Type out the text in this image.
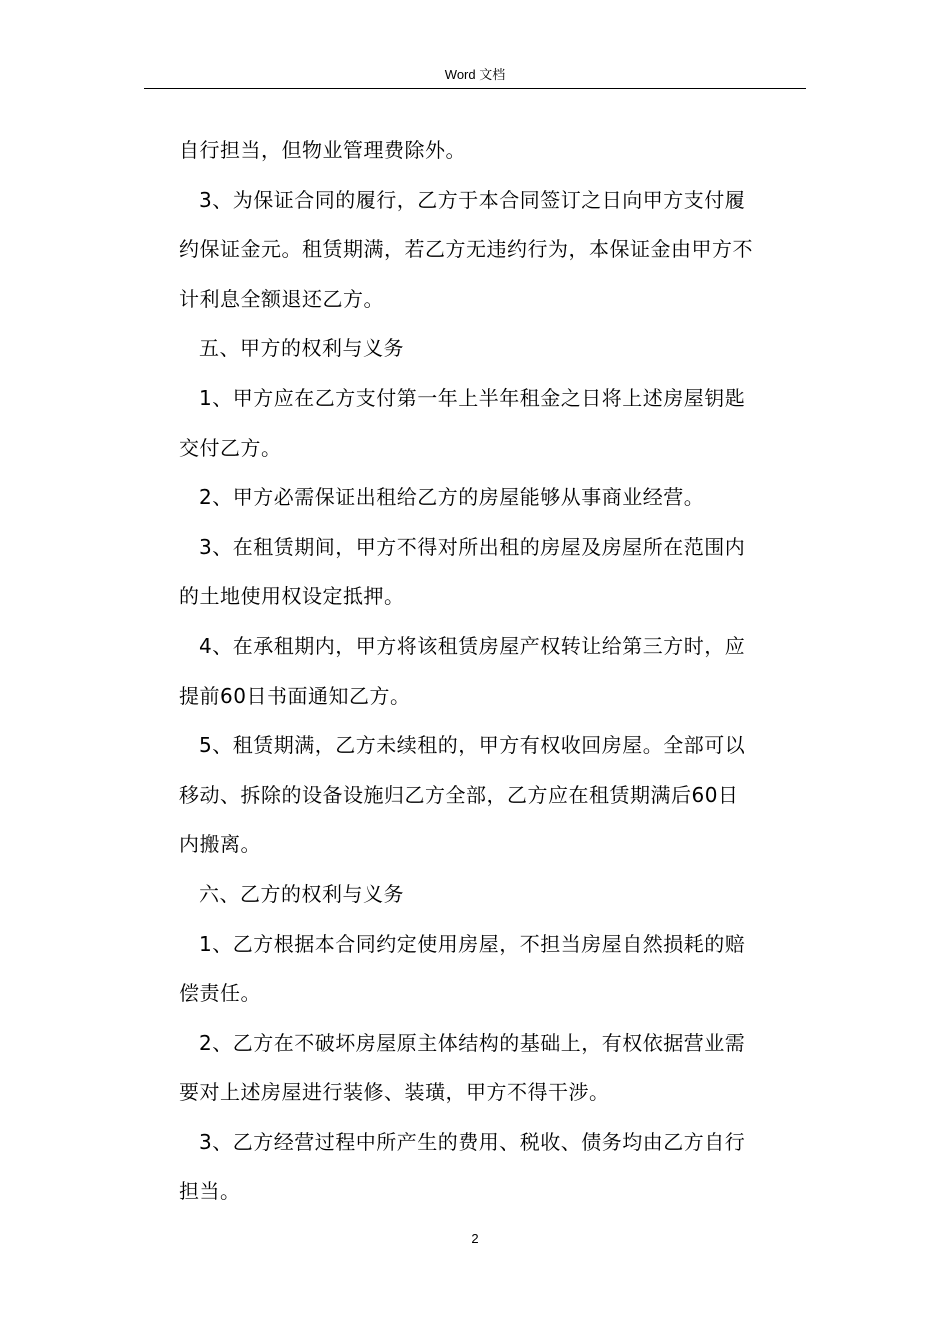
Word 文档
自行担当，但物业管理费除外。
3、为保证合同的履行，乙方于本合同签订之日向甲方支付履
约保证金元。租赁期满，若乙方无违约行为，本保证金由甲方不
计利息全额退还乙方。
五、甲方的权利与义务
1、甲方应在乙方支付第一年上半年租金之日将上述房屋钥匙
交付乙方。
2、甲方必需保证出租给乙方的房屋能够从事商业经营。
3、在租赁期间，甲方不得对所出租的房屋及房屋所在范围内
的土地使用权设定抵押。
4、在承租期内，甲方将该租赁房屋产权转让给第三方时，应
提前60日书面通知乙方。
5、租赁期满，乙方未续租的，甲方有权收回房屋。全部可以
移动、拆除的设备设施归乙方全部，乙方应在租赁期满后60日
内搬离。
六、乙方的权利与义务
1、乙方根据本合同约定使用房屋，不担当房屋自然损耗的赔
偿责任。
2、乙方在不破坏房屋原主体结构的基础上，有权依据营业需
要对上述房屋进行装修、装璜，甲方不得干涉。
3、乙方经营过程中所产生的费用、税收、债务均由乙方自行
担当。
2
